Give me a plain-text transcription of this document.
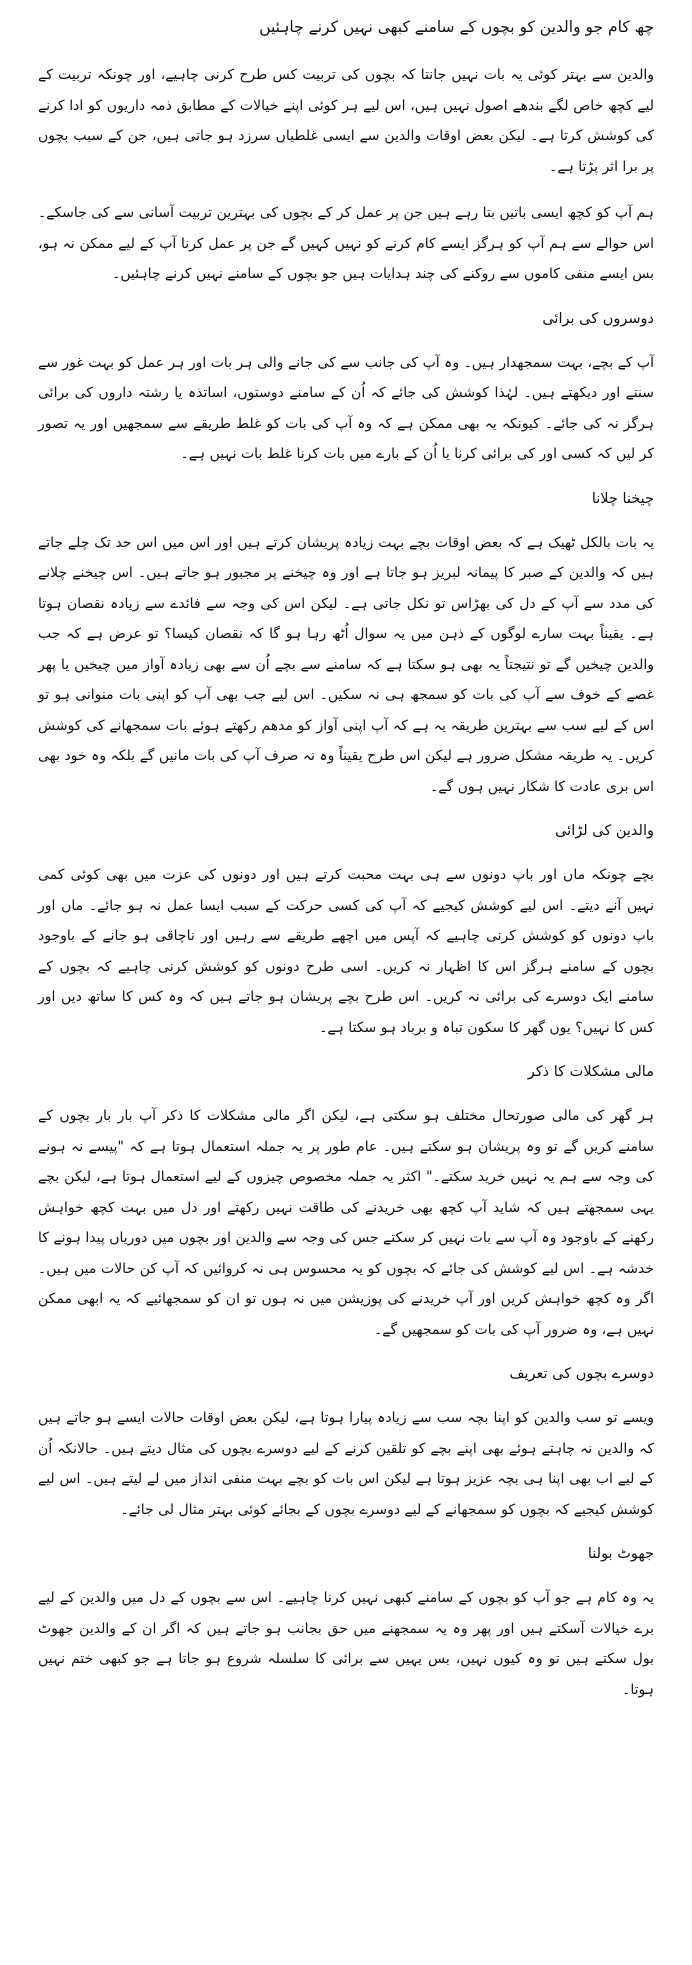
چھ کام جو والدین کو بچوں کے سامنے کبھی نہیں کرنے چاہئیں

والدین سے بہتر کوئی یہ بات نہیں جانتا کہ بچوں کی تربیت کس طرح کرنی چاہیے، اور چونکہ تربیت کے لیے کچھ خاص لگے بندھے اصول نہیں ہیں، اس لیے ہر کوئی اپنے خیالات کے مطابق ذمہ داریوں کو ادا کرنے کی کوشش کرتا ہے۔ لیکن بعض اوقات والدین سے ایسی غلطیاں سرزد ہو جاتی ہیں، جن کے سبب بچوں پر برا اثر پڑتا ہے۔

ہم آپ کو کچھ ایسی باتیں بتا رہے ہیں جن پر عمل کر کے بچوں کی بہترین تربیت آسانی سے کی جاسکے۔ اس حوالے سے ہم آپ کو ہرگز ایسے کام کرنے کو نہیں کہیں گے جن پر عمل کرنا آپ کے لیے ممکن نہ ہو، بس ایسے منفی کاموں سے روکنے کی چند ہدایات ہیں جو بچوں کے سامنے نہیں کرنے چاہئیں۔

دوسروں کی برائی

آپ کے بچے، بہت سمجھدار ہیں۔ وہ آپ کی جانب سے کی جانے والی ہر بات اور ہر عمل کو بہت غور سے سنتے اور دیکھتے ہیں۔ لہٰذا کوشش کی جائے کہ اُن کے سامنے دوستوں، اساتذہ یا رشتہ داروں کی برائی ہرگز نہ کی جائے۔ کیونکہ یہ بھی ممکن ہے کہ وہ آپ کی بات کو غلط طریقے سے سمجھیں اور یہ تصور کر لیں کہ کسی اور کی برائی کرنا یا اُن کے بارے میں بات کرنا غلط بات نہیں ہے۔

چیخنا چلانا

یہ بات بالکل ٹھیک ہے کہ بعض اوقات بچے بہت زیادہ پریشان کرتے ہیں اور اس میں اس حد تک چلے جاتے ہیں کہ والدین کے صبر کا پیمانہ لبریز ہو جاتا ہے اور وہ چیخنے پر مجبور ہو جاتے ہیں۔ اس چیخنے چلانے کی مدد سے آپ کے دل کی بھڑاس تو نکل جاتی ہے۔ لیکن اس کی وجہ سے فائدے سے زیادہ نقصان ہوتا ہے۔ یقیناً بہت سارے لوگوں کے ذہن میں یہ سوال اُٹھ رہا ہو گا کہ نقصان کیسا؟ تو عرض ہے کہ جب والدین چیخیں گے تو نتیجتاً یہ بھی ہو سکتا ہے کہ سامنے سے بچے اُن سے بھی زیادہ آواز میں چیخیں یا پھر غصے کے خوف سے آپ کی بات کو سمجھ ہی نہ سکیں۔ اس لیے جب بھی آپ کو اپنی بات منوانی ہو تو اس کے لیے سب سے بہترین طریقہ یہ ہے کہ آپ اپنی آواز کو مدھم رکھتے ہوئے بات سمجھانے کی کوشش کریں۔ یہ طریقہ مشکل ضرور ہے لیکن اس طرح یقیناً وہ نہ صرف آپ کی بات مانیں گے بلکہ وہ خود بھی اس بری عادت کا شکار نہیں ہوں گے۔

والدین کی لڑائی

بچے چونکہ ماں اور باپ دونوں سے ہی بہت محبت کرتے ہیں اور دونوں کی عزت میں بھی کوئی کمی نہیں آنے دیتے۔ اس لیے کوشش کیجیے کہ آپ کی کسی حرکت کے سبب ایسا عمل نہ ہو جائے۔ ماں اور باپ دونوں کو کوشش کرنی چاہیے کہ آپس میں اچھے طریقے سے رہیں اور ناچاقی ہو جانے کے باوجود بچوں کے سامنے ہرگز اس کا اظہار نہ کریں۔ اسی طرح دونوں کو کوشش کرنی چاہیے کہ بچوں کے سامنے ایک دوسرے کی برائی نہ کریں۔ اس طرح بچے پریشان ہو جاتے ہیں کہ وہ کس کا ساتھ دیں اور کس کا نہیں؟ یوں گھر کا سکون تباہ و برباد ہو سکتا ہے۔

مالی مشکلات کا ذکر

ہر گھر کی مالی صورتحال مختلف ہو سکتی ہے، لیکن اگر مالی مشکلات کا ذکر آپ بار بار بچوں کے سامنے کریں گے تو وہ پریشان ہو سکتے ہیں۔ عام طور پر یہ جملہ استعمال ہوتا ہے کہ "پیسے نہ ہونے کی وجہ سے ہم یہ نہیں خرید سکتے۔" اکثر یہ جملہ مخصوص چیزوں کے لیے استعمال ہوتا ہے، لیکن بچے یہی سمجھتے ہیں کہ شاید آپ کچھ بھی خریدنے کی طاقت نہیں رکھتے اور دل میں بہت کچھ خواہش رکھنے کے باوجود وہ آپ سے بات نہیں کر سکتے جس کی وجہ سے والدین اور بچوں میں دوریاں پیدا ہونے کا خدشہ ہے۔ اس لیے کوشش کی جائے کہ بچوں کو یہ محسوس ہی نہ کروائیں کہ آپ کن حالات میں ہیں۔ اگر وہ کچھ خواہش کریں اور آپ خریدنے کی پوزیشن میں نہ ہوں تو ان کو سمجھائیے کہ یہ ابھی ممکن نہیں ہے، وہ ضرور آپ کی بات کو سمجھیں گے۔

دوسرے بچوں کی تعریف

ویسے تو سب والدین کو اپنا بچہ سب سے زیادہ پیارا ہوتا ہے، لیکن بعض اوقات حالات ایسے ہو جاتے ہیں کہ والدین نہ چاہتے ہوئے بھی اپنے بچے کو تلقین کرنے کے لیے دوسرے بچوں کی مثال دیتے ہیں۔ حالانکہ اُن کے لیے اب بھی اپنا ہی بچہ عزیز ہوتا ہے لیکن اس بات کو بچے بہت منفی انداز میں لے لیتے ہیں۔ اس لیے کوشش کیجیے کہ بچوں کو سمجھانے کے لیے دوسرے بچوں کے بجائے کوئی بہتر مثال لی جائے۔

جھوٹ بولنا

یہ وہ کام ہے جو آپ کو بچوں کے سامنے کبھی نہیں کرنا چاہیے۔ اس سے بچوں کے دل میں والدین کے لیے برے خیالات آسکتے ہیں اور پھر وہ یہ سمجھنے میں حق بجانب ہو جاتے ہیں کہ اگر ان کے والدین جھوٹ بول سکتے ہیں تو وہ کیوں نہیں، بس یہیں سے برائی کا سلسلہ شروع ہو جاتا ہے جو کبھی ختم نہیں ہوتا۔
